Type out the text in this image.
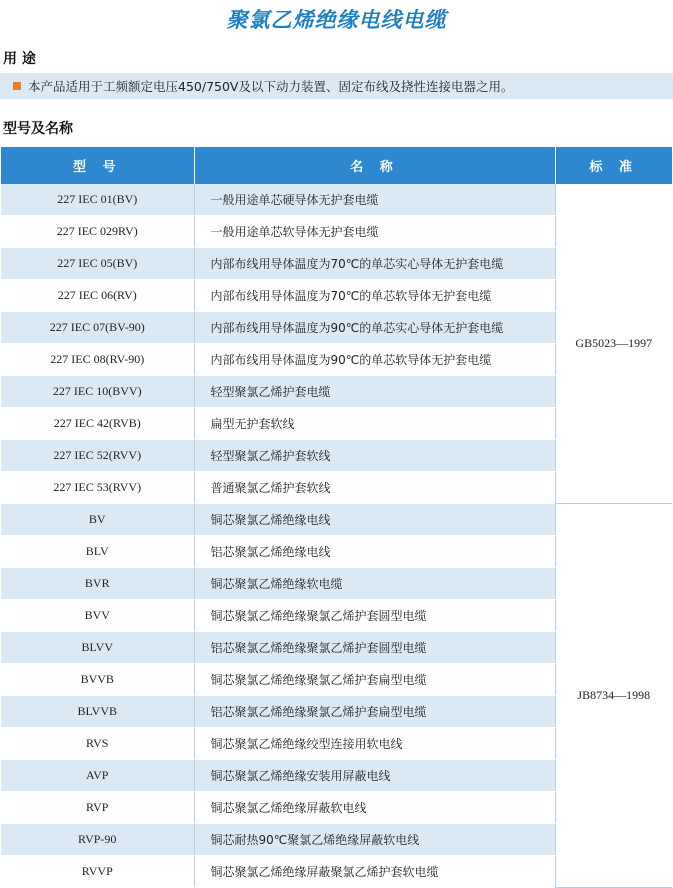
聚氯乙烯绝缘电线电缆
用 途
本产品适用于工频额定电压450/750V及以下动力装置、固定布线及挠性连接电器之用。
型号及名称
型 号	名 称	标 准
227 IEC 01(BV)	一般用途单芯硬导体无护套电缆	GB5023—1997
227 IEC 029RV)	一般用途单芯软导体无护套电缆	
227 IEC 05(BV)	内部布线用导体温度为70℃的单芯实心导体无护套电缆	
227 IEC 06(RV)	内部布线用导体温度为70℃的单芯软导体无护套电缆	
227 IEC 07(BV-90)	内部布线用导体温度为90℃的单芯实心导体无护套电缆	
227 IEC 08(RV-90)	内部布线用导体温度为90℃的单芯软导体无护套电缆	
227 IEC 10(BVV)	轻型聚氯乙烯护套电缆	
227 IEC 42(RVB)	扁型无护套软线	
227 IEC 52(RVV)	轻型聚氯乙烯护套软线	
227 IEC 53(RVV)	普通聚氯乙烯护套软线	
BV	铜芯聚氯乙烯绝缘电线	JB8734—1998
BLV	铝芯聚氯乙烯绝缘电线	
BVR	铜芯聚氯乙烯绝缘软电缆	
BVV	铜芯聚氯乙烯绝缘聚氯乙烯护套圆型电缆	
BLVV	铝芯聚氯乙烯绝缘聚氯乙烯护套圆型电缆	
BVVB	铜芯聚氯乙烯绝缘聚氯乙烯护套扁型电缆	
BLVVB	铝芯聚氯乙烯绝缘聚氯乙烯护套扁型电缆	
RVS	铜芯聚氯乙烯绝缘绞型连接用软电线	
AVP	铜芯聚氯乙烯绝缘安装用屏蔽电线	
RVP	铜芯聚氯乙烯绝缘屏蔽软电线	
RVP-90	铜芯耐热90℃聚氯乙烯绝缘屏蔽软电线	
RVVP	铜芯聚氯乙烯绝缘屏蔽聚氯乙烯护套软电缆	
